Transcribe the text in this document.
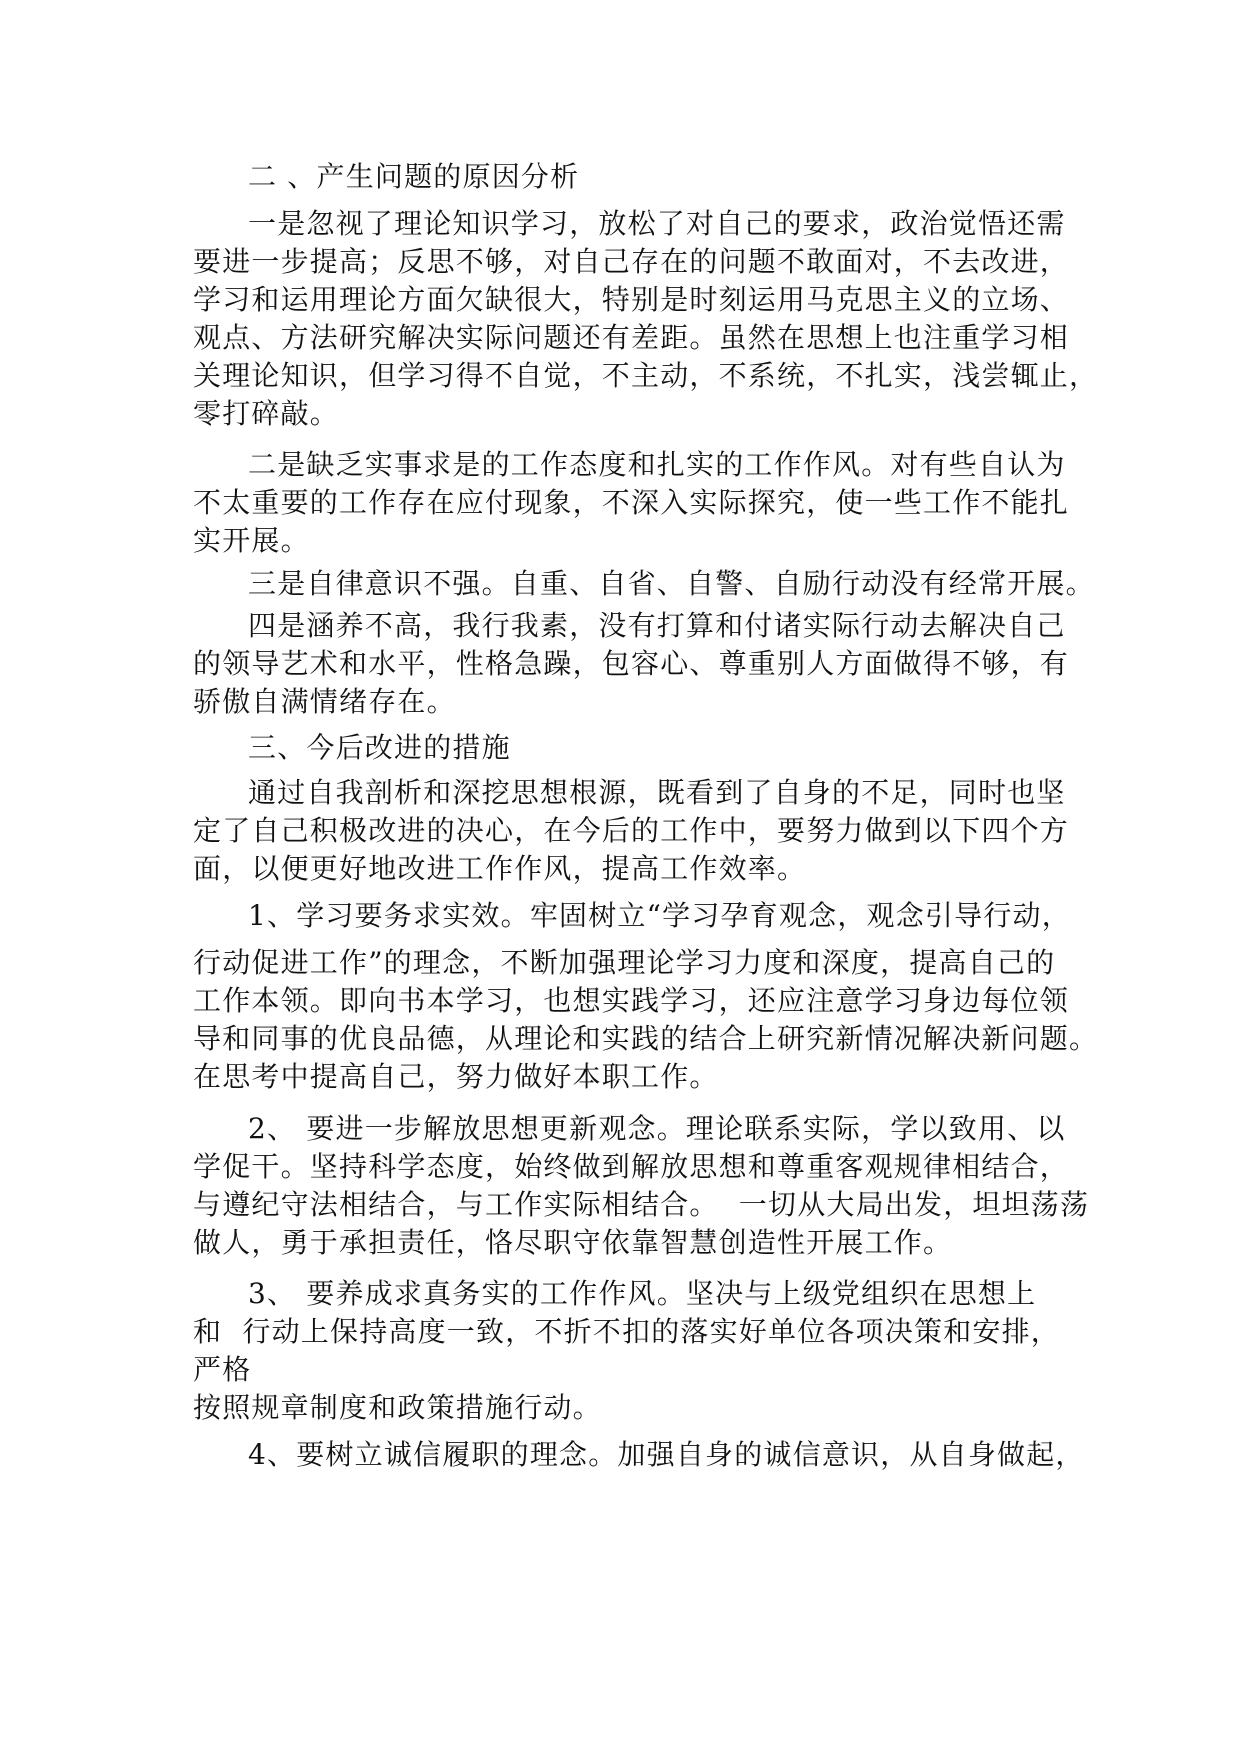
二 、产生问题的原因分析
一是忽视了理论知识学习，放松了对自己的要求，政治觉悟还需
要进一步提高；反思不够，对自己存在的问题不敢面对，不去改进，
学习和运用理论方面欠缺很大，特别是时刻运用马克思主义的立场、
观点、方法研究解决实际问题还有差距。虽然在思想上也注重学习相
关理论知识，但学习得不自觉，不主动，不系统，不扎实，浅尝辄止，
零打碎敲。
二是缺乏实事求是的工作态度和扎实的工作作风。对有些自认为
不太重要的工作存在应付现象，不深入实际探究，使一些工作不能扎
实开展。
三是自律意识不强。自重、自省、自警、自励行动没有经常开展。
四是涵养不高，我行我素，没有打算和付诸实际行动去解决自己
的领导艺术和水平，性格急躁，包容心、尊重别人方面做得不够，有
骄傲自满情绪存在。
三、今后改进的措施
通过自我剖析和深挖思想根源，既看到了自身的不足，同时也坚
定了自己积极改进的决心，在今后的工作中，要努力做到以下四个方
面，以便更好地改进工作作风，提高工作效率。
1、学习要务求实效。牢固树立“学习孕育观念，观念引导行动，
行动促进工作”的理念，不断加强理论学习力度和深度，提高自己的
工作本领。即向书本学习，也想实践学习，还应注意学习身边每位领
导和同事的优良品德，从理论和实践的结合上研究新情况解决新问题。
在思考中提高自己，努力做好本职工作。
2、 要进一步解放思想更新观念。理论联系实际，学以致用、以
学促干。坚持科学态度，始终做到解放思想和尊重客观规律相结合，
与遵纪守法相结合，与工作实际相结合。  一切从大局出发，坦坦荡荡
做人，勇于承担责任，恪尽职守依靠智慧创造性开展工作。
3、 要养成求真务实的工作作风。坚决与上级党组织在思想上
和  行动上保持高度一致，不折不扣的落实好单位各项决策和安排，
严格
按照规章制度和政策措施行动。
4、要树立诚信履职的理念。加强自身的诚信意识，从自身做起，
